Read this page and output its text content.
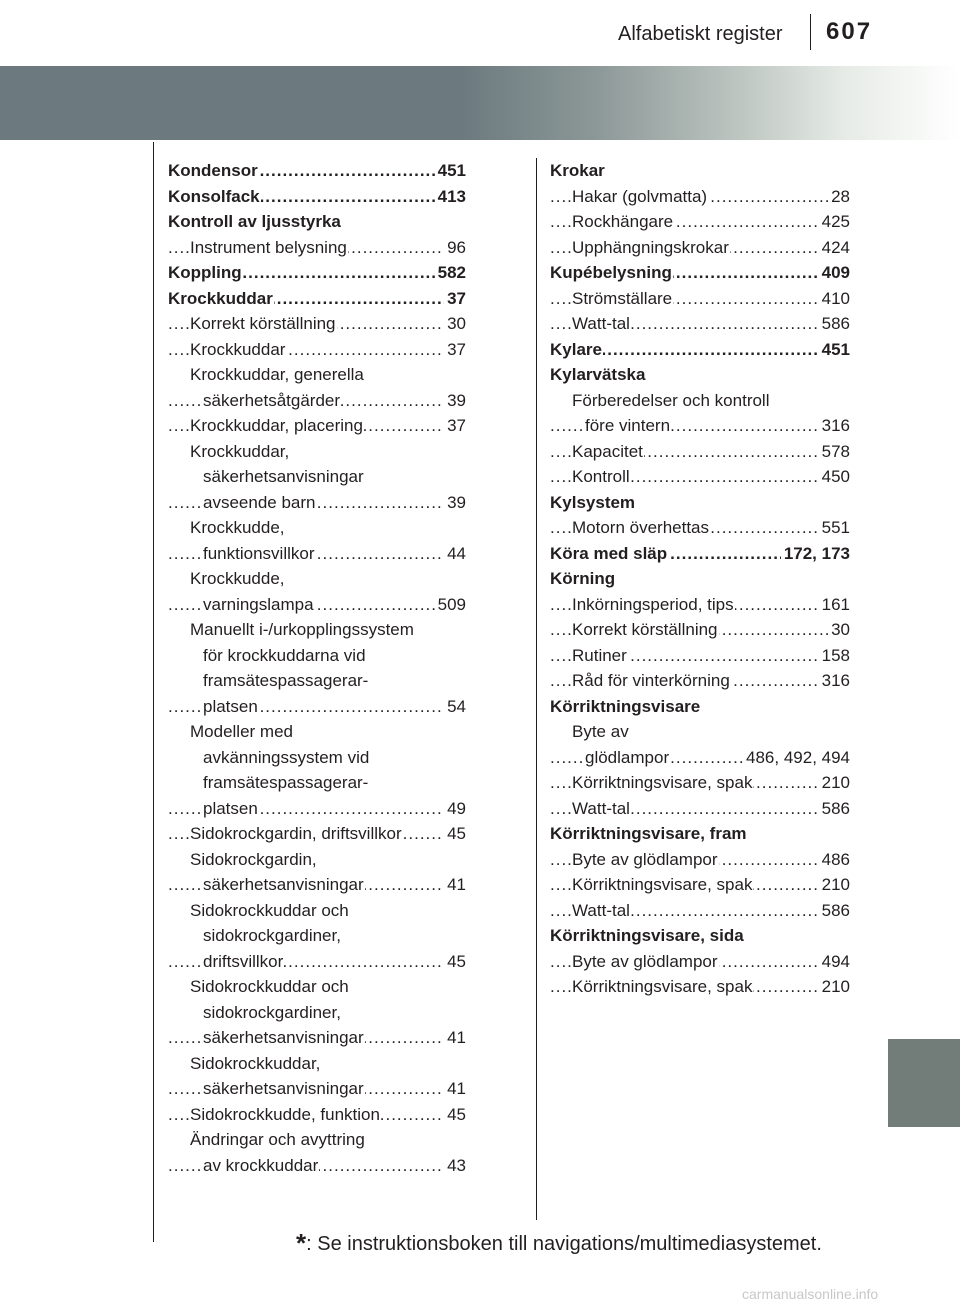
Alfabetiskt register 607
Kondensor	451
.....
Konsolfack	413
.....
Kontroll av ljusstyrka
Instrument belysning	96
.....
Koppling	582
.....
Krockkuddar	37
.....
Korrekt körställning	30
.....
Krockkuddar	37
.....
Krockkuddar, generella
säkerhetsåtgärder	39
.....
Krockkuddar, placering	37
.....
Krockkuddar,
säkerhetsanvisningar
avseende barn	39
.....
Krockkudde,
funktionsvillkor	44
.....
Krockkudde,
varningslampa	509
.....
Manuellt i-/urkopplingssystem
för krockkuddarna vid
framsätespassagerar-
platsen	54
.....
Modeller med
avkänningssystem vid
framsätespassagerar-
platsen	49
.....
Sidokrockgardin, driftsvillkor	45
.....
Sidokrockgardin,
säkerhetsanvisningar	41
.....
Sidokrockkuddar och
sidokrockgardiner,
driftsvillkor	45
.....
Sidokrockkuddar och
sidokrockgardiner,
säkerhetsanvisningar	41
.....
Sidokrockkuddar,
säkerhetsanvisningar	41
.....
Sidokrockkudde, funktion	45
.....
Ändringar och avyttring
av krockkuddar	43
.....
Krokar
Hakar (golvmatta)	28
.....
Rockhängare	425
.....
Upphängningskrokar	424
.....
Kupébelysning	409
.....
Strömställare	410
.....
Watt-tal	586
.....
Kylare	451
.....
Kylarvätska
Förberedelser och kontroll
före vintern	316
.....
Kapacitet	578
.....
Kontroll	450
.....
Kylsystem
Motorn överhettas	551
.....
Köra med släp	172, 173
.....
Körning
Inkörningsperiod, tips	161
.....
Korrekt körställning	30
.....
Rutiner	158
.....
Råd för vinterkörning	316
.....
Körriktningsvisare
Byte av
glödlampor	486, 492, 494
.....
Körriktningsvisare, spak	210
.....
Watt-tal	586
.....
Körriktningsvisare, fram
Byte av glödlampor	486
.....
Körriktningsvisare, spak	210
.....
Watt-tal	586
.....
Körriktningsvisare, sida
Byte av glödlampor	494
.....
Körriktningsvisare, spak	210
.....
*: Se instruktionsboken till navigations/multimediasystemet.
carmanualsonline.info
